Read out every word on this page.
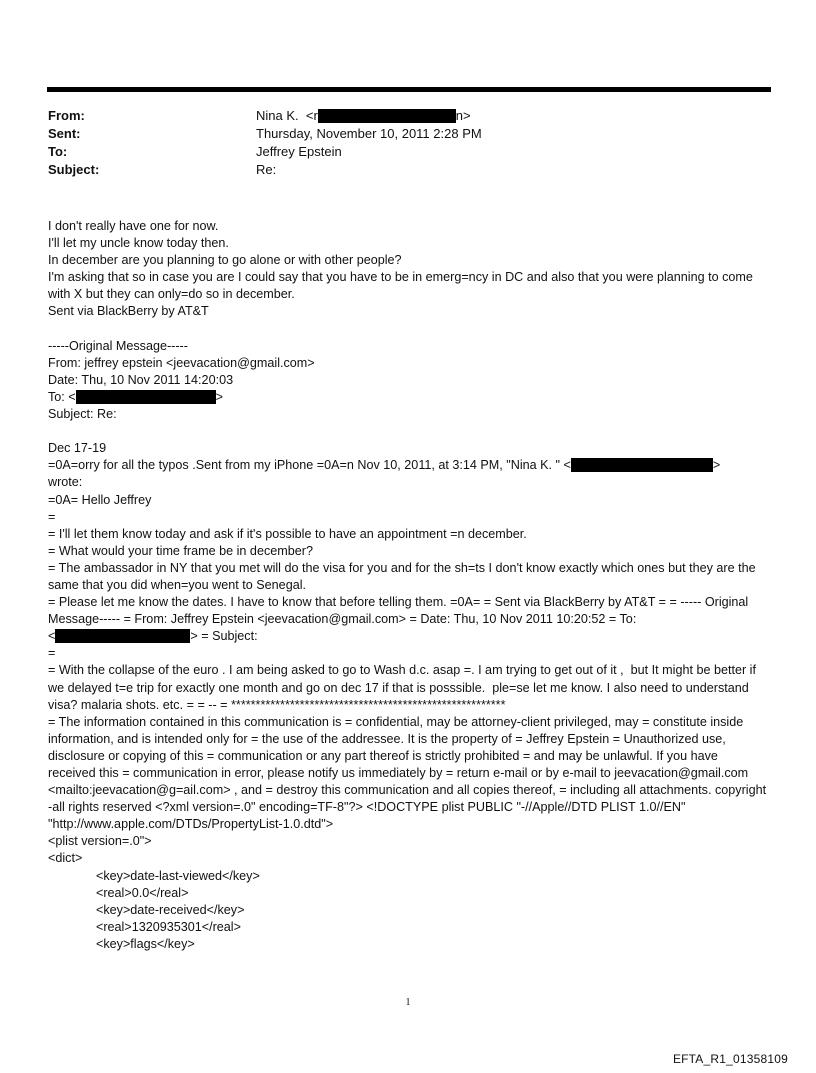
From:	Nina K. <r	n>
Sent:	Thursday, November 10, 2011 2:28 PM
To:	Jeffrey Epstein
Subject:	Re:

I don't really have one for now.

I'll let my uncle know today then.

In december are you planning to go alone or with other people?

I'm asking that so in case you are I could say that you have to be in emerg=ncy in DC and also that you were planning to come with X but they can only=do so in december.

Sent via BlackBerry by AT&T

-----Original Message-----

From: jeffrey epstein <jeevacation@gmail.com>

Date: Thu, 10 Nov 2011 14:20:03

To: <	>

Subject: Re:

Dec 17-19

=0A=orry for all the typos .Sent from my iPhone =0A=n Nov 10, 2011, at 3:14 PM, "Nina K. " <	>

wrote:

=0A= Hello Jeffrey

=

= I'll let them know today and ask if it's possible to have an appointment =n december.

= What would your time frame be in december?

= The ambassador in NY that you met will do the visa for you and for the sh=ts I don't know exactly which ones but they are the same that you did when=you went to Senegal.

= Please let me know the dates. I have to know that before telling them. =0A= = Sent via BlackBerry by AT&T = = ----- Original Message----- = From: Jeffrey Epstein <jeevacation@gmail.com> = Date: Thu, 10 Nov 2011 10:20:52 = To:

<	> = Subject:

=

= With the collapse of the euro . I am being asked to go to Wash d.c. asap =. I am trying to get out of it ,  but It might be better if we delayed t=e trip for exactly one month and go on dec 17 if that is posssible.  ple=se let me know. I also need to understand visa? malaria shots. etc. = = -- = ********************************************************

= The information contained in this communication is = confidential, may be attorney-client privileged, may = constitute inside information, and is intended only for = the use of the addressee. It is the property of = Jeffrey Epstein = Unauthorized use, disclosure or copying of this = communication or any part thereof is strictly prohibited = and may be unlawful. If you have received this = communication in error, please notify us immediately by = return e-mail or by e-mail to jeevacation@gmail.com <mailto:jeevacation@g=ail.com> , and = destroy this communication and all copies thereof, = including all attachments. copyright -all rights reserved <?xml version=.0" encoding=TF-8"?> <!DOCTYPE plist PUBLIC "-//Apple//DTD PLIST 1.0//EN" "http://www.apple.com/DTDs/PropertyList-1.0.dtd">

<plist version=.0">

<dict>

<key>date-last-viewed</key>

<real>0.0</real>

<key>date-received</key>

<real>1320935301</real>

<key>flags</key>

1
EFTA_R1_01358109
